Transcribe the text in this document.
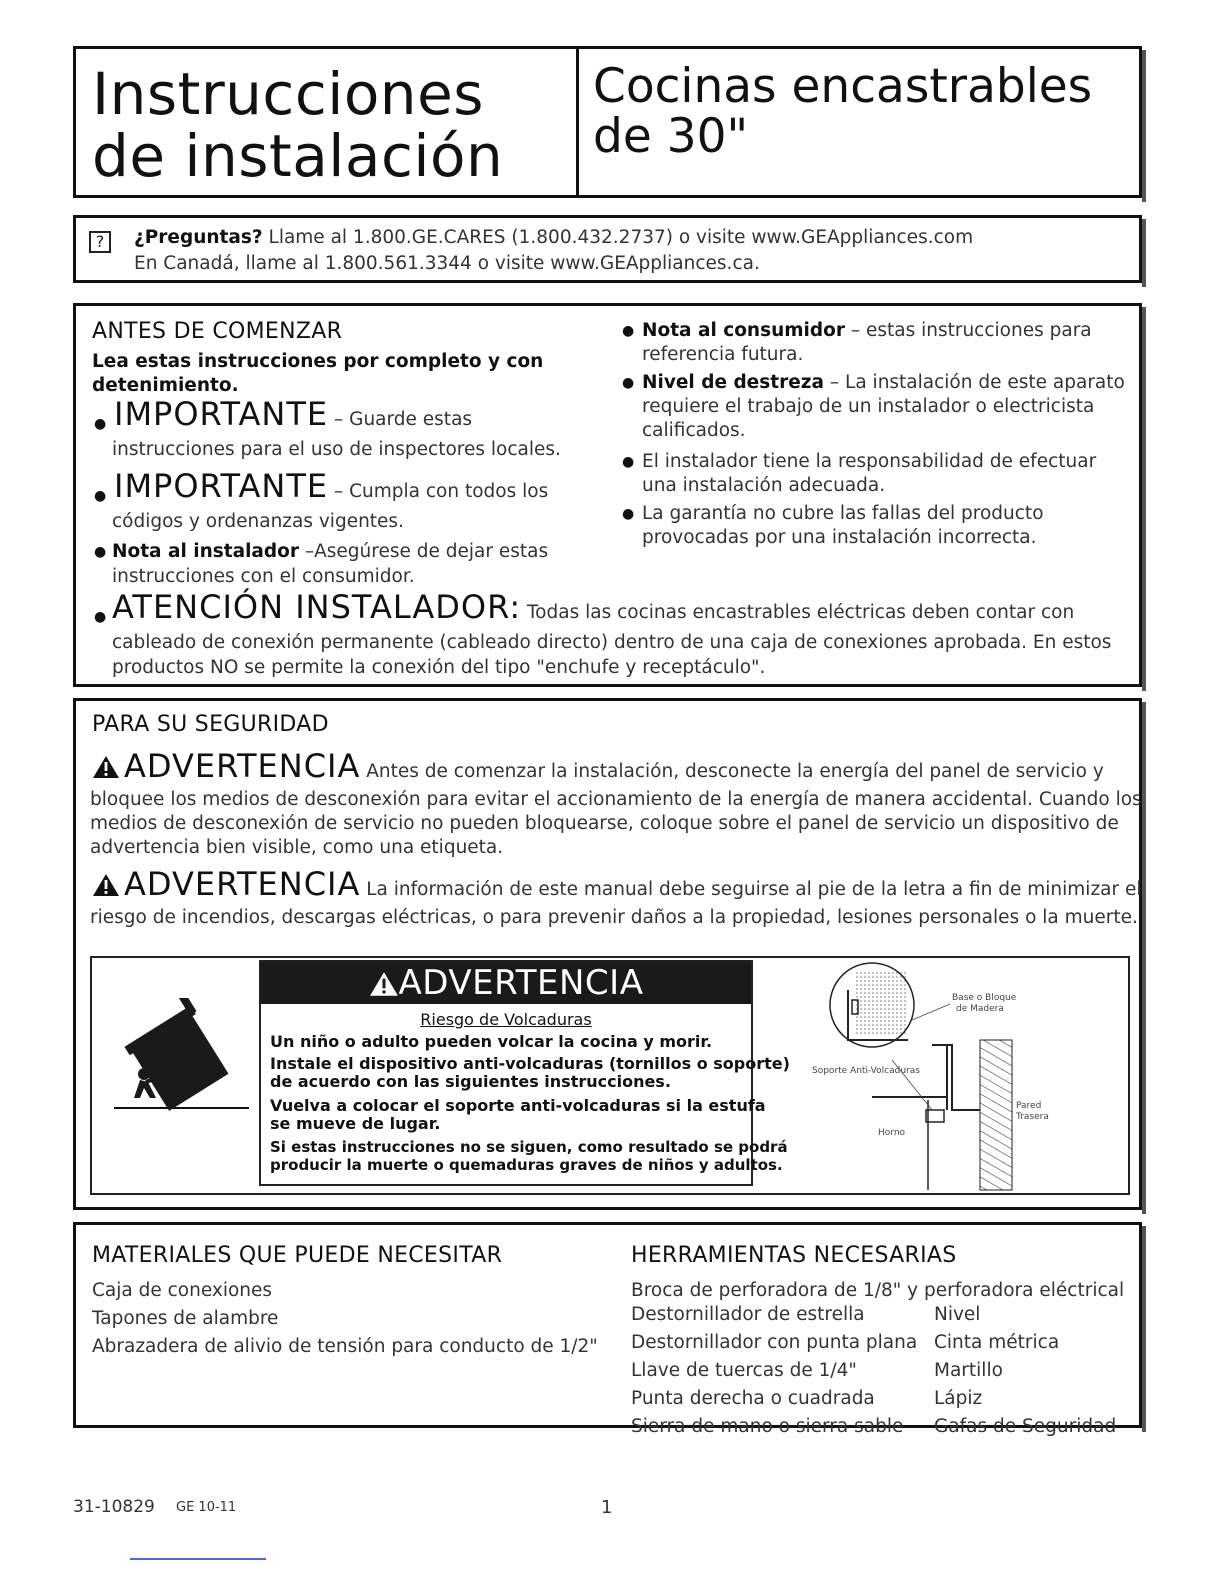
Instrucciones
de instalación
Cocinas encastrables
de 30"
?	¿Preguntas? Llame al 1.800.GE.CARES (1.800.432.2737) o visite www.GEAppliances.com
En Canadá, llame al 1.800.561.3344 o visite www.GEAppliances.ca.
ANTES DE COMENZAR
Lea estas instrucciones por completo y con
detenimiento.
● IMPORTANTE – Guarde estas
instrucciones para el uso de inspectores locales.
● IMPORTANTE – Cumpla con todos los
códigos y ordenanzas vigentes.
● Nota al instalador –Asegúrese de dejar estas
instrucciones con el consumidor.
● Nota al consumidor – estas instrucciones para
referencia futura.
● Nivel de destreza – La instalación de este aparato
requiere el trabajo de un instalador o electricista
calificados.
● El instalador tiene la responsabilidad de efectuar
una instalación adecuada.
● La garantía no cubre las fallas del producto
provocadas por una instalación incorrecta.
● ATENCIÓN INSTALADOR: Todas las cocinas encastrables eléctricas deben contar con
cableado de conexión permanente (cableado directo) dentro de una caja de conexiones aprobada. En estos
productos NO se permite la conexión del tipo "enchufe y receptáculo".
PARA SU SEGURIDAD
ADVERTENCIA Antes de comenzar la instalación, desconecte la energía del panel de servicio y
bloquee los medios de desconexión para evitar el accionamiento de la energía de manera accidental. Cuando los
medios de desconexión de servicio no pueden bloquearse, coloque sobre el panel de servicio un dispositivo de
advertencia bien visible, como una etiqueta.
ADVERTENCIA La información de este manual debe seguirse al pie de la letra a fin de minimizar el
riesgo de incendios, descargas eléctricas, o para prevenir daños a la propiedad, lesiones personales o la muerte.
ADVERTENCIA
Riesgo de Volcaduras
Un niño o adulto pueden volcar la cocina y morir.
Instale el dispositivo anti-volcaduras (tornillos o soporte)
de acuerdo con las siguientes instrucciones.
Vuelva a colocar el soporte anti-volcaduras si la estufa
se mueve de lugar.
Si estas instrucciones no se siguen, como resultado se podrá
producir la muerte o quemaduras graves de niños y adultos.
Base o Bloque
de Madera
Soporte Anti-Volcaduras
Pared
Trasera
Horno
MATERIALES QUE PUEDE NECESITAR
Caja de conexiones
Tapones de alambre
Abrazadera de alivio de tensión para conducto de 1/2"
HERRAMIENTAS NECESARIAS
Broca de perforadora de 1/8" y perforadora eléctrical
Destornillador de estrella
Destornillador con punta plana
Llave de tuercas de 1/4"
Punta derecha o cuadrada
Sierra de mano o sierra sable
Nivel
Cinta métrica
Martillo
Lápiz
Gafas de Seguridad
31-10829 GE 10-11	1
